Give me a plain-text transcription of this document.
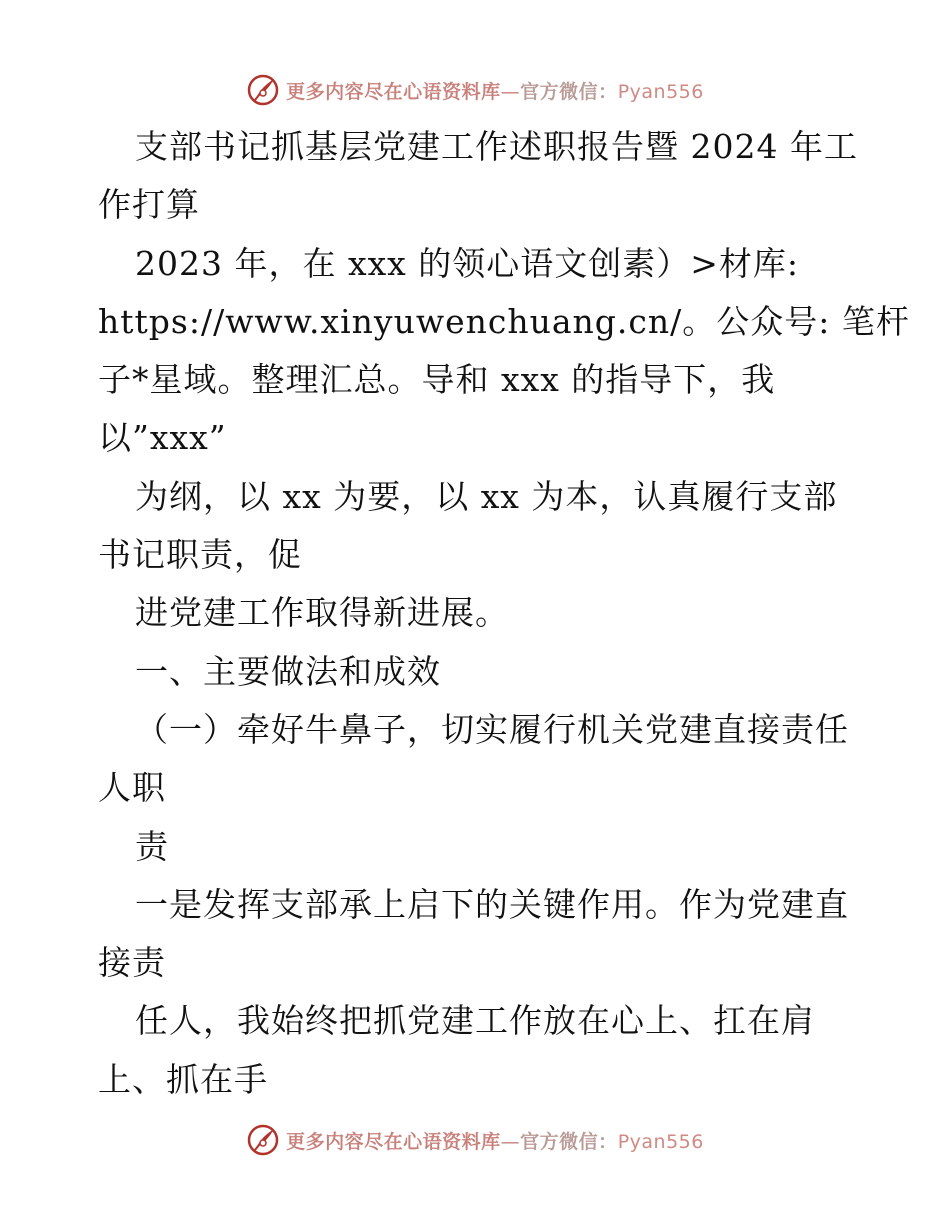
更多内容尽在心语资料库—官方微信：Pyan556
支部书记抓基层党建工作述职报告暨 2024 年工
作打算
2023 年，在 xxx 的领心语文创素）>材库:
https://www.xinyuwenchuang.cn/。公众号: 笔杆
子*星域。整理汇总。导和 xxx 的指导下，我
以”xxx”
为纲，以 xx 为要，以 xx 为本，认真履行支部
书记职责，促
进党建工作取得新进展。
一、主要做法和成效
（一）牵好牛鼻子，切实履行机关党建直接责任
人职
责
一是发挥支部承上启下的关键作用。作为党建直
接责
任人，我始终把抓党建工作放在心上、扛在肩
上、抓在手
更多内容尽在心语资料库—官方微信：Pyan556
